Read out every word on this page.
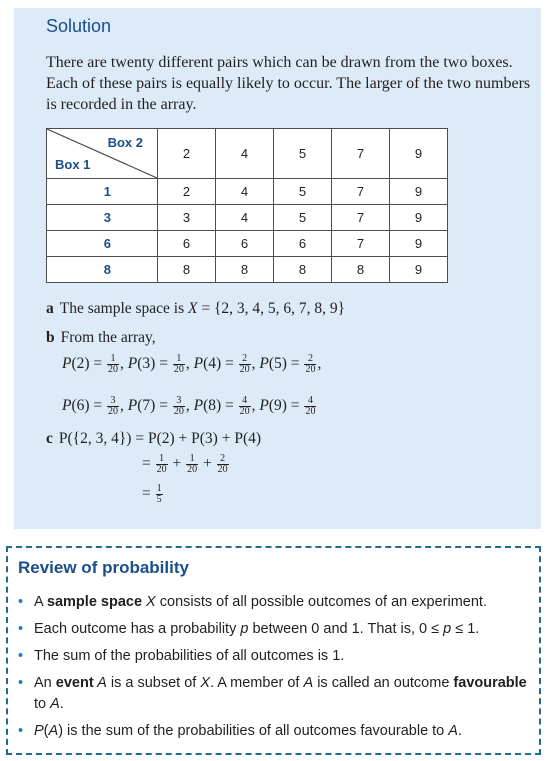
Solution

There are twenty different pairs which can be drawn from the two boxes. Each of these pairs is equally likely to occur. The larger of the two numbers is recorded in the array.

Box 2
Box 1	2	4	5	7	9
1	2	4	5	7	9
3	3	4	5	7	9
6	6	6	6	7	9
8	8	8	8	8	9
a The sample space is X = {2, 3, 4, 5, 6, 7, 8, 9}
b From the array,
$P(2) = \frac{1}{20}$ , $P(3) = \frac{1}{20}$ , $P(4) = \frac{2}{20}$ , $P(5) = \frac{2}{20}$ ,
$P(6) = \frac{3}{20}$ , $P(7) = \frac{3}{20}$ , $P(8) = \frac{4}{20}$ , $P(9) = \frac{4}{20}$
c P({2, 3, 4}) = P(2) + P(3) + P(4)
= $\frac{1}{20} + \frac{1}{20} + \frac{2}{20}$
= $\frac{1}{5}$
Review of probability
• A sample space X consists of all possible outcomes of an experiment.
• Each outcome has a probability p between 0 and 1. That is, 0 ≤ p ≤ 1.
• The sum of the probabilities of all outcomes is 1.
• An event A is a subset of X. A member of A is called an outcome favourable to A.
• P(A) is the sum of the probabilities of all outcomes favourable to A.
